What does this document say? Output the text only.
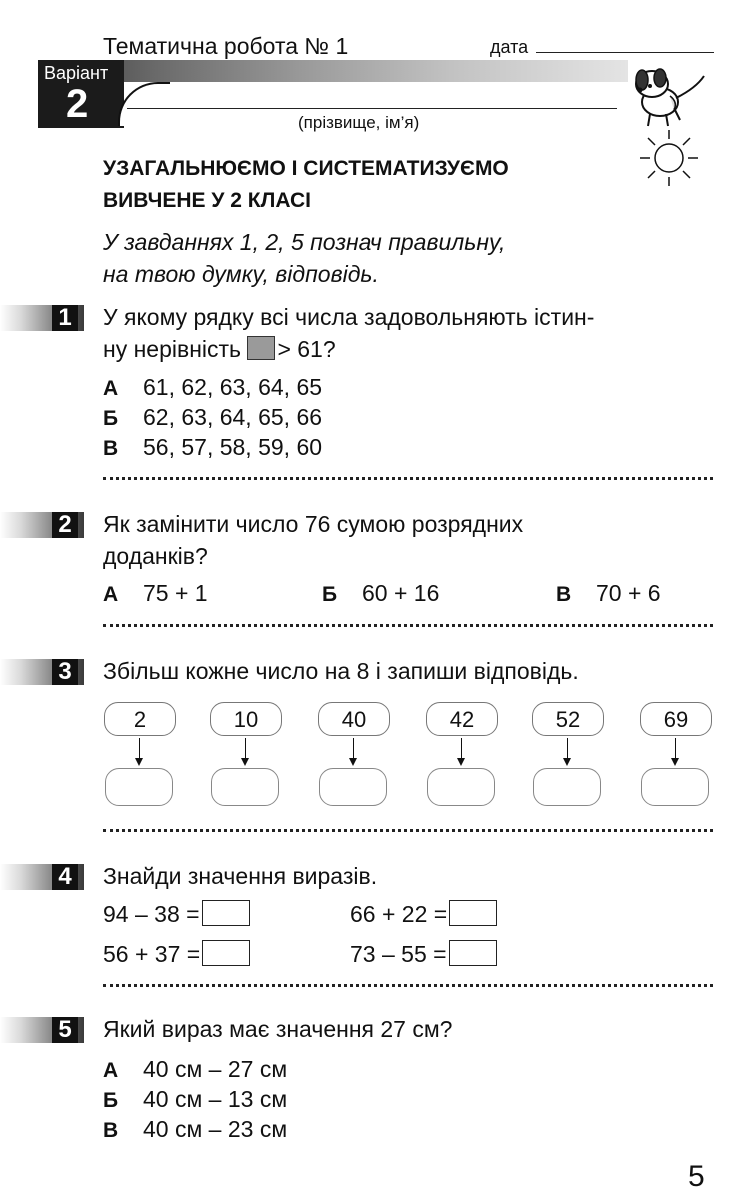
Тематична робота № 1	дата
Варіант
2	(прізвище, ім’я)
УЗАГАЛЬНЮЄМО І СИСТЕМАТИЗУЄМО
ВИВЧЕНЕ У 2 КЛАСІ
У завданнях 1, 2, 5 познач правильну,
на твою думку, відповідь.
1 У якому рядку всі числа задовольняють істин-
ну нерівність > 61?
А 61, 62, 63, 64, 65
Б 62, 63, 64, 65, 66
В 56, 57, 58, 59, 60
2 Як замінити число 76 сумою розрядних
доданків?
А 75 + 1	Б 60 + 16	В 70 + 6
3 Збільш кожне число на 8 і запиши відповідь.
2	10	40	42	52	69
4 Знайди значення виразів.
94 – 38 =	66 + 22 =
56 + 37 =	73 – 55 =
5 Який вираз має значення 27 см?
А 40 см – 27 см
Б 40 см – 13 см
В 40 см – 23 см
5
